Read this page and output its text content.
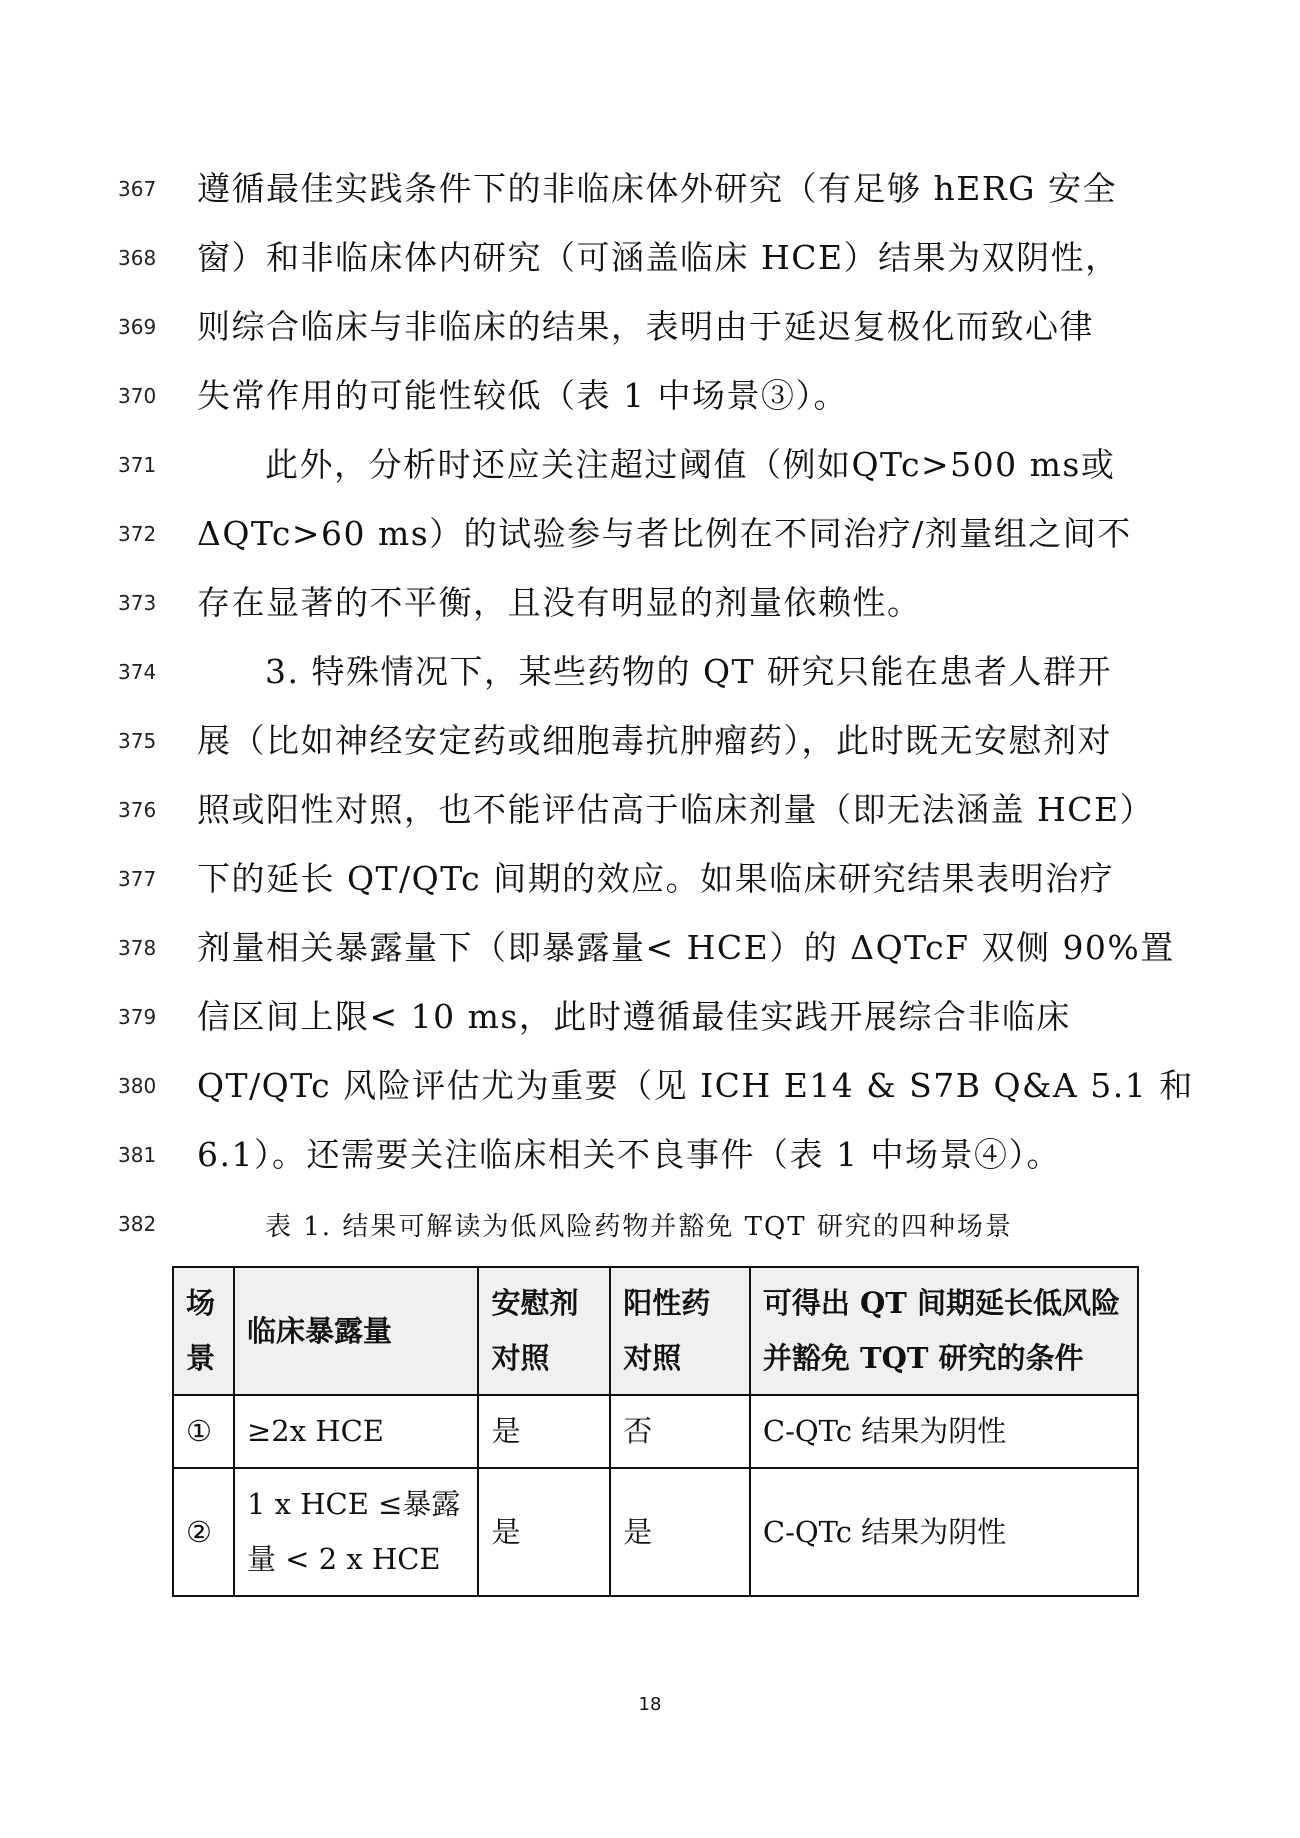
367	遵循最佳实践条件下的非临床体外研究（有足够 hERG 安全
368	窗）和非临床体内研究（可涵盖临床 HCE）结果为双阴性，
369	则综合临床与非临床的结果，表明由于延迟复极化而致心律
370	失常作用的可能性较低（表 1 中场景③）。
371	此外，分析时还应关注超过阈值（例如QTc>500 ms或
372	ΔQTc>60 ms）的试验参与者比例在不同治疗/剂量组之间不
373	存在显著的不平衡，且没有明显的剂量依赖性。
374	3. 特殊情况下，某些药物的 QT 研究只能在患者人群开
375	展（比如神经安定药或细胞毒抗肿瘤药），此时既无安慰剂对
376	照或阳性对照，也不能评估高于临床剂量（即无法涵盖 HCE）
377	下的延长 QT/QTc 间期的效应。如果临床研究结果表明治疗
378	剂量相关暴露量下（即暴露量< HCE）的 ΔQTcF 双侧 90%置
379	信区间上限< 10 ms，此时遵循最佳实践开展综合非临床
380	QT/QTc 风险评估尤为重要（见 ICH E14 & S7B Q&A 5.1 和
381	6.1）。还需要关注临床相关不良事件（表 1 中场景④）。
382	表 1. 结果可解读为低风险药物并豁免 TQT 研究的四种场景
场景	临床暴露量	安慰剂对照	阳性药对照	可得出 QT 间期延长低风险并豁免 TQT 研究的条件
①	≥2x HCE	是	否	C-QTc 结果为阴性
②	1 x HCE ≤暴露量 < 2 x HCE	是	是	C-QTc 结果为阴性
18
